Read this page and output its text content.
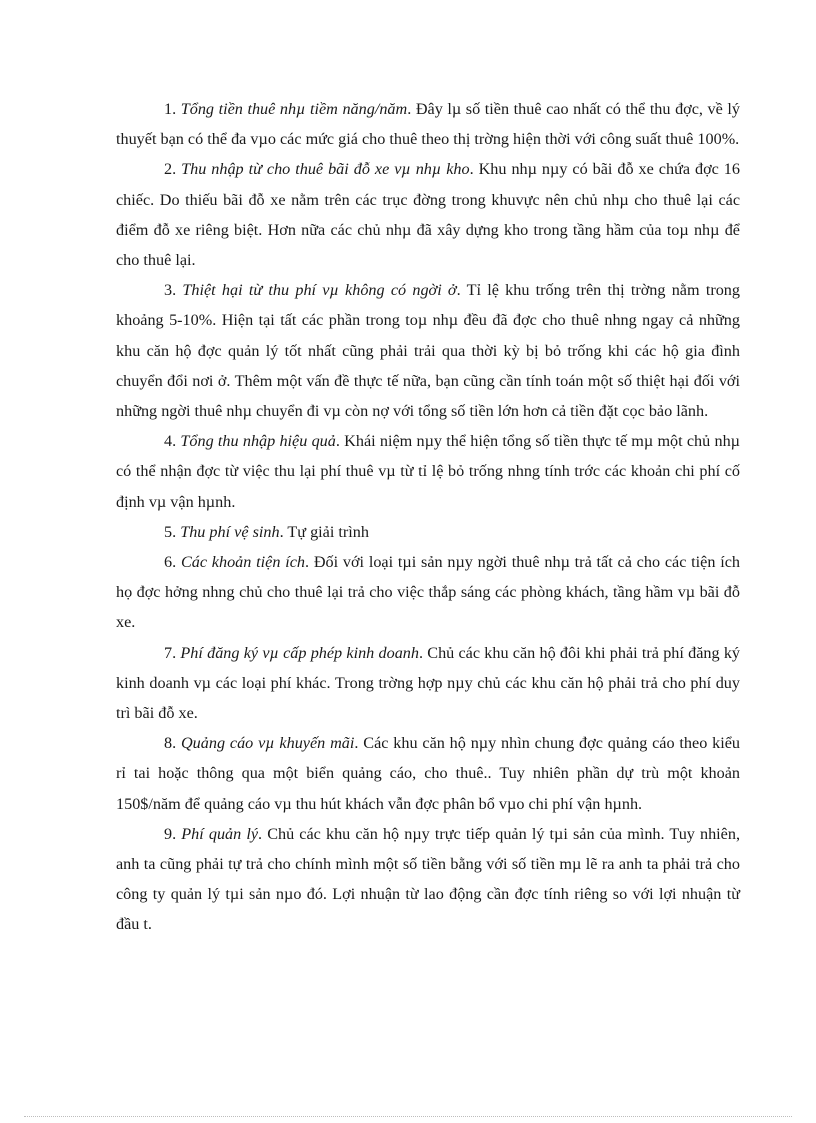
1. Tổng tiền thuê nhµ tiềm năng/năm. Đây lµ số tiền thuê cao nhất có thể thu đợc, về lý thuyết bạn có thể đa vµo các mức giá cho thuê theo thị trờng hiện thời với công suất thuê 100%.

2. Thu nhập từ cho thuê bãi đỗ xe vµ nhµ kho. Khu nhµ nµy có bãi đỗ xe chứa đợc 16 chiếc. Do thiếu bãi đỗ xe nằm trên các trục đờng trong khuvực nên chủ nhµ cho thuê lại các điểm đỗ xe riêng biệt. Hơn nữa các chủ nhµ đã xây dựng kho trong tầng hầm của toµ nhµ để cho thuê lại.

3. Thiệt hại từ thu phí vµ không có ngời ở. Tỉ lệ khu trống trên thị trờng nằm trong khoảng 5-10%. Hiện tại tất các phần trong toµ nhµ đều đã đợc cho thuê nhng ngay cả những khu căn hộ đợc quản lý tốt nhất cũng phải trải qua thời kỳ bị bỏ trống khi các hộ gia đình chuyển đổi nơi ở. Thêm một vấn đề thực tế nữa, bạn cũng cần tính toán một số thiệt hại đối với những ngời thuê nhµ chuyển đi vµ còn nợ với tổng số tiền lớn hơn cả tiền đặt cọc bảo lãnh.

4. Tổng thu nhập hiệu quả. Khái niệm nµy thể hiện tổng số tiền thực tế mµ một chủ nhµ có thể nhận đợc từ việc thu lại phí thuê vµ từ tỉ lệ bỏ trống nhng tính trớc các khoản chi phí cố định vµ vận hµnh.

5. Thu phí vệ sinh. Tự giải trình

6. Các khoản tiện ích. Đối với loại tµi sản nµy ngời thuê nhµ trả tất cả cho các tiện ích họ đợc hởng nhng chủ cho thuê lại trả cho việc thắp sáng các phòng khách, tầng hầm vµ bãi đỗ xe.

7. Phí đăng ký vµ cấp phép kinh doanh. Chủ các khu căn hộ đôi khi phải trả phí đăng ký kinh doanh vµ các loại phí khác. Trong trờng hợp nµy chủ các khu căn hộ phải trả cho phí duy trì bãi đỗ xe.

8. Quảng cáo vµ khuyến mãi. Các khu căn hộ nµy nhìn chung đợc quảng cáo theo kiểu rỉ tai hoặc thông qua một biển quảng cáo, cho thuê.. Tuy nhiên phần dự trù một khoản 150$/năm để quảng cáo vµ thu hút khách vẫn đợc phân bổ vµo chi phí vận hµnh.

9. Phí quản lý. Chủ các khu căn hộ nµy trực tiếp quản lý tµi sản của mình. Tuy nhiên, anh ta cũng phải tự trả cho chính mình một số tiền bằng với số tiền mµ lẽ ra anh ta phải trả cho công ty quản lý tµi sản nµo đó. Lợi nhuận từ lao động cần đợc tính riêng so với lợi nhuận từ đầu t.
